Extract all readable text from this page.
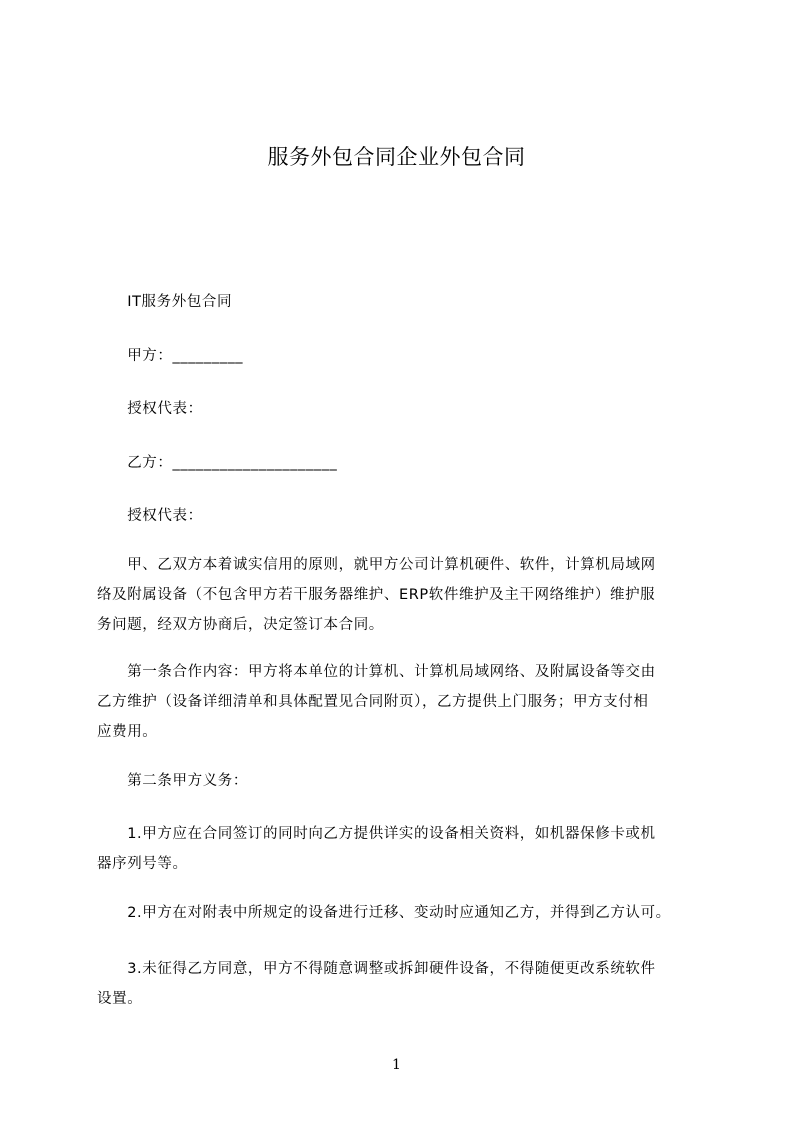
服务外包合同企业外包合同
　　IT服务外包合同
　　甲方：_________
　　授权代表：
　　乙方：_____________________
　　授权代表：
　　甲、乙双方本着诚实信用的原则，就甲方公司计算机硬件、软件，计算机局域网
络及附属设备（不包含甲方若干服务器维护、ERP软件维护及主干网络维护）维护服
务问题，经双方协商后，决定签订本合同。
　　第一条合作内容：甲方将本单位的计算机、计算机局域网络、及附属设备等交由
乙方维护（设备详细清单和具体配置见合同附页），乙方提供上门服务；甲方支付相
应费用。
　　第二条甲方义务：
　　1.甲方应在合同签订的同时向乙方提供详实的设备相关资料，如机器保修卡或机
器序列号等。
　　2.甲方在对附表中所规定的设备进行迁移、变动时应通知乙方，并得到乙方认可。
　　3.未征得乙方同意，甲方不得随意调整或拆卸硬件设备，不得随便更改系统软件
设置。
1
